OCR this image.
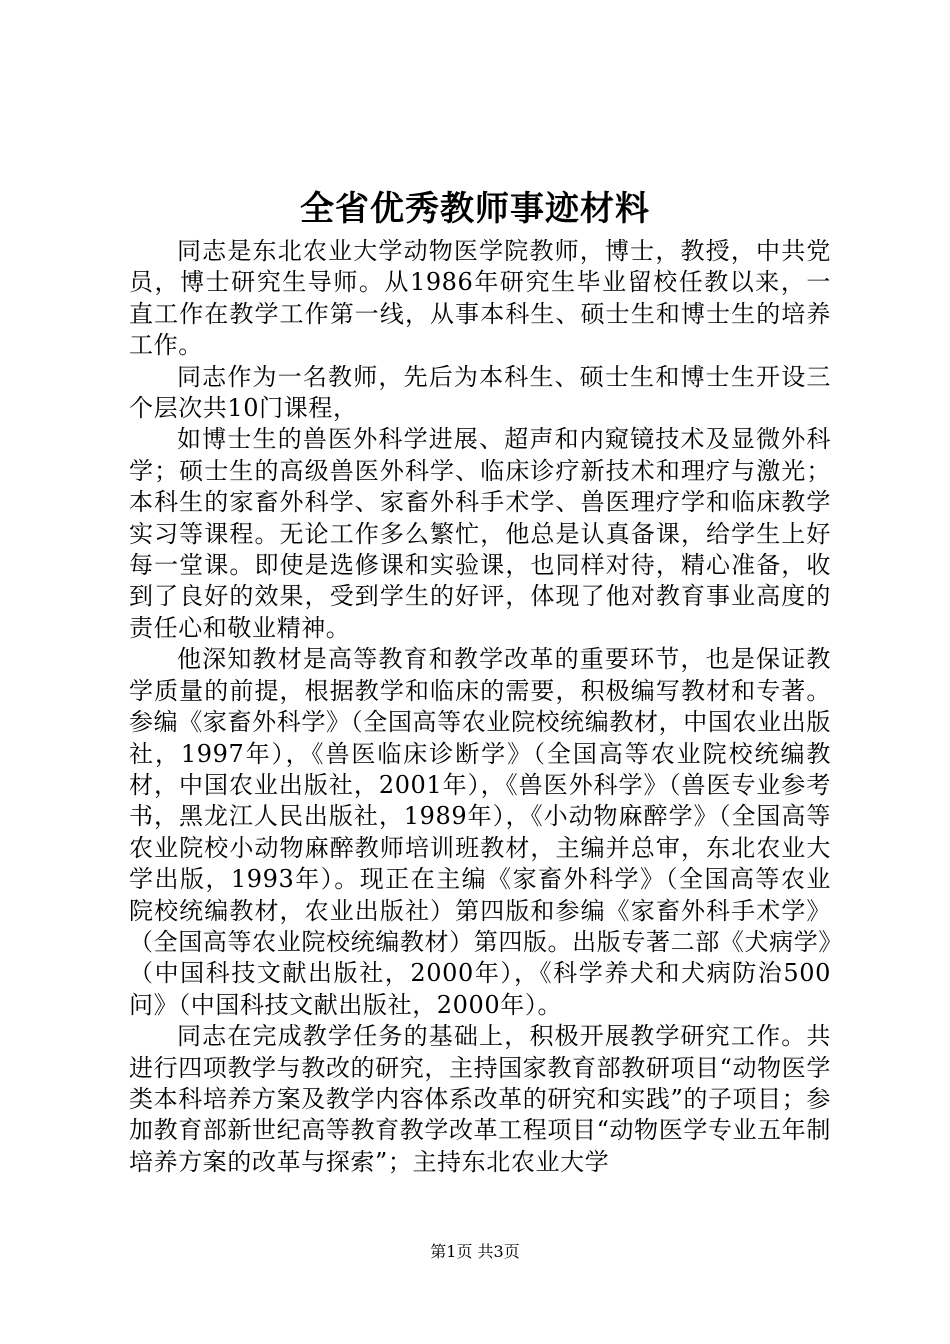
全省优秀教师事迹材料

同志是东北农业大学动物医学院教师，博士，教授，中共党员，博士研究生导师。从1986年研究生毕业留校任教以来，一直工作在教学工作第一线，从事本科生、硕士生和博士生的培养工作。

同志作为一名教师，先后为本科生、硕士生和博士生开设三个层次共10门课程，

如博士生的兽医外科学进展、超声和内窥镜技术及显微外科学；硕士生的高级兽医外科学、临床诊疗新技术和理疗与激光；本科生的家畜外科学、家畜外科手术学、兽医理疗学和临床教学实习等课程。无论工作多么繁忙，他总是认真备课，给学生上好每一堂课。即使是选修课和实验课，也同样对待，精心准备，收到了良好的效果，受到学生的好评，体现了他对教育事业高度的责任心和敬业精神。

他深知教材是高等教育和教学改革的重要环节，也是保证教学质量的前提，根据教学和临床的需要，积极编写教材和专著。参编《家畜外科学》（全国高等农业院校统编教材，中国农业出版社，1997年），《兽医临床诊断学》（全国高等农业院校统编教材，中国农业出版社，2001年），《兽医外科学》（兽医专业参考书，黑龙江人民出版社，1989年），《小动物麻醉学》（全国高等农业院校小动物麻醉教师培训班教材，主编并总审，东北农业大学出版，1993年）。现正在主编《家畜外科学》（全国高等农业院校统编教材，农业出版社）第四版和参编《家畜外科手术学》（全国高等农业院校统编教材）第四版。出版专著二部《犬病学》（中国科技文献出版社，2000年），《科学养犬和犬病防治500问》（中国科技文献出版社，2000年）。

同志在完成教学任务的基础上，积极开展教学研究工作。共进行四项教学与教改的研究，主持国家教育部教研项目“动物医学类本科培养方案及教学内容体系改革的研究和实践”的子项目；参加教育部新世纪高等教育教学改革工程项目“动物医学专业五年制培养方案的改革与探索”；主持东北农业大学

第1页 共3页
